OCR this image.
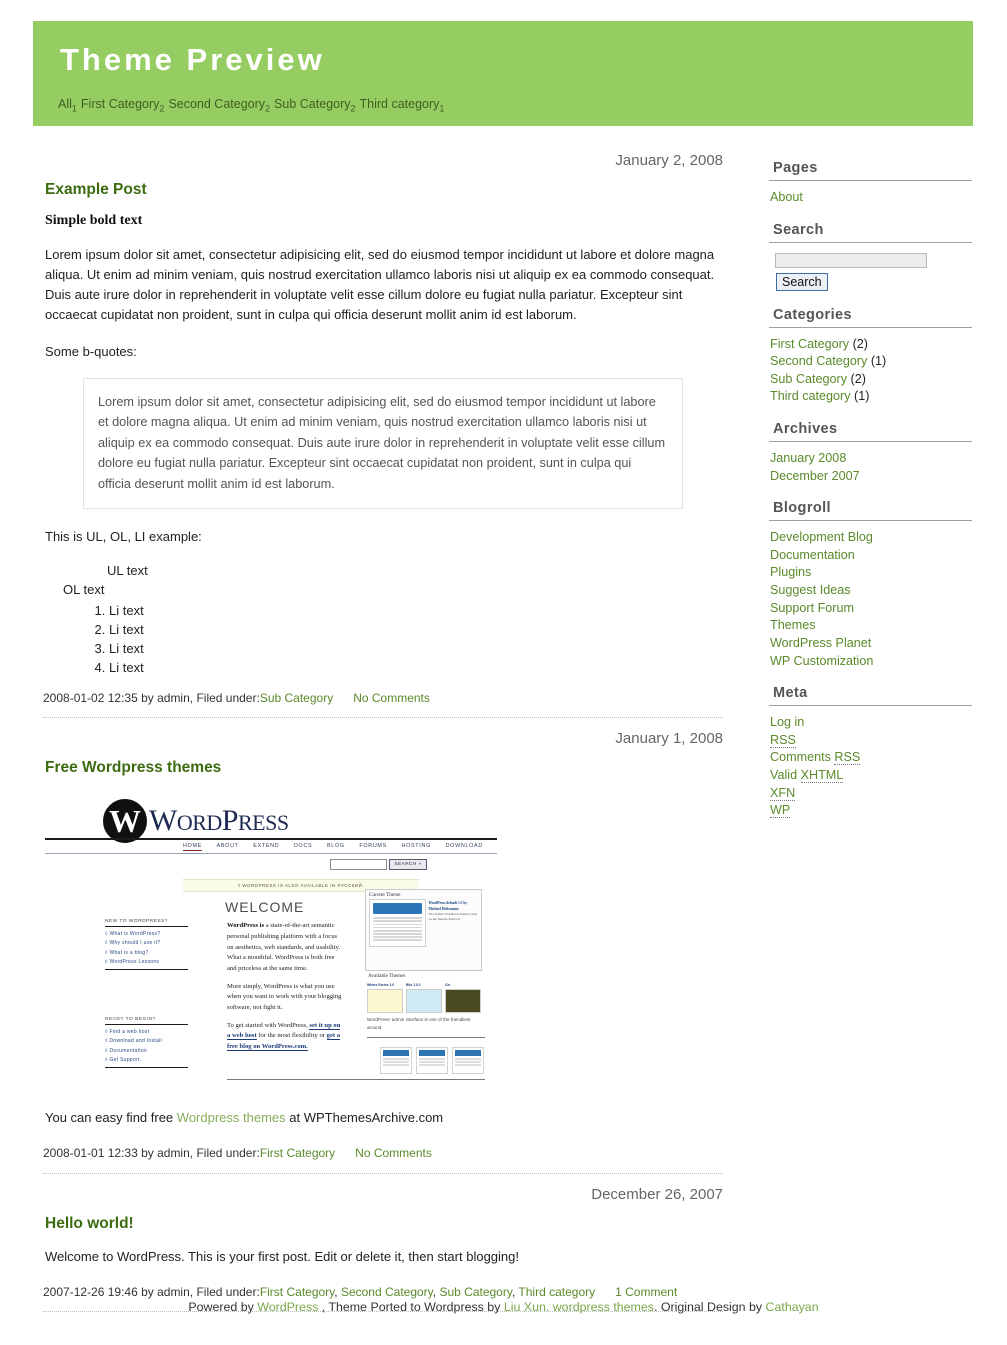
Theme Preview
All$_1$ First Category$_2$ Second Category$_2$ Sub Category$_2$ Third category$_1$
January 2, 2008
Example Post

Simple bold text

Lorem ipsum dolor sit amet, consectetur adipisicing elit, sed do eiusmod tempor incididunt ut labore et dolore magna aliqua. Ut enim ad minim veniam, quis nostrud exercitation ullamco laboris nisi ut aliquip ex ea commodo consequat. Duis aute irure dolor in reprehenderit in voluptate velit esse cillum dolore eu fugiat nulla pariatur. Excepteur sint occaecat cupidatat non proident, sunt in culpa qui officia deserunt mollit anim id est laborum.

Some b-quotes:

Lorem ipsum dolor sit amet, consectetur adipisicing elit, sed do eiusmod tempor incididunt ut labore et dolore magna aliqua. Ut enim ad minim veniam, quis nostrud exercitation ullamco laboris nisi ut aliquip ex ea commodo consequat. Duis aute irure dolor in reprehenderit in voluptate velit esse cillum dolore eu fugiat nulla pariatur. Excepteur sint occaecat cupidatat non proident, sunt in culpa qui officia deserunt mollit anim id est laborum.

This is UL, OL, LI example:

UL text
OL text
1. Li text
2. Li text
3. Li text
4. Li text
2008-01-02 12:35 by admin, Filed under:Sub Category No Comments
January 1, 2008
Free Wordpress themes
W WORDPRESS
HOME	ABOUT	EXTEND	DOCS	BLOG	FORUMS	HOSTING	DOWNLOAD
SEARCH »
◊ WORDPRESS IS ALSO AVAILABLE IN РУССКИЙ.
WELCOME
NEW TO WORDPRESS?
◊ What is WordPress?
◊ Why should I use it?
◊ What is a blog?
◊ WordPress Lessons
READY TO BEGIN?
◊ Find a web host
◊ Download and Install
◊ Documentation
◊ Get Support.
WordPress is a state-of-the-art semantic personal publishing platform with a focus on aesthetics, web standards, and usability. What a mouthful. WordPress is both free and priceless at the same time.
More simply, WordPress is what you use when you want to work with your blogging software, not fight it.
To get started with WordPress, set it up on a web host for the most flexibility or get a free blog on WordPress.com.
Current Theme
WordPress default 1.5 by Michael Heilemann
The default WordPress theme based on the famous Kubrick.
Available Themes
Where Series 1.0	Blix 1.0.1	Cie
WordPress' admin interface is one of the friendliest around.

You can easy find free Wordpress themes at WPThemesArchive.com

2008-01-01 12:33 by admin, Filed under:First Category No Comments
December 26, 2007
Hello world!

Welcome to WordPress. This is your first post. Edit or delete it, then start blogging!

2007-12-26 19:46 by admin, Filed under:First Category, Second Category, Sub Category, Third category 1 Comment
Pages
About
Search

Search
Categories
First Category (2)
Second Category (1)
Sub Category (2)
Third category (1)
Archives
January 2008
December 2007
Blogroll
Development Blog
Documentation
Plugins
Suggest Ideas
Support Forum
Themes
WordPress Planet
WP Customization
Meta
Log in
RSS
Comments RSS
Valid XHTML
XFN
WP
Powered by WordPress , Theme Ported to Wordpress by Liu Xun. wordpress themes. Original Design by Cathayan
